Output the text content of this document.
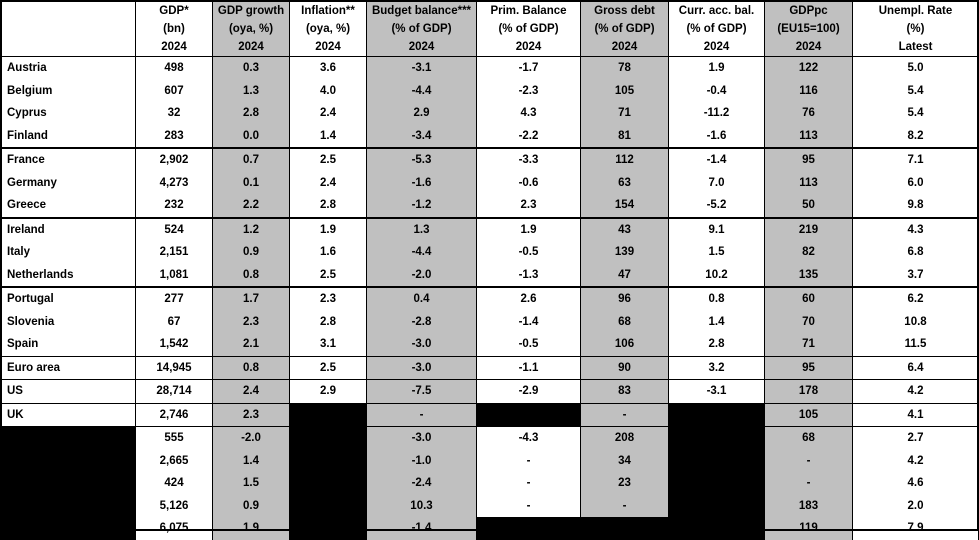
	GDP*	GDP growth	Inflation**	Budget balance***	Prim. Balance	Gross debt	Curr. acc. bal.	GDPpc	Unempl. Rate
	(bn)	(oya, %)	(oya, %)	(% of GDP)	(% of GDP)	(% of GDP)	(% of GDP)	(EU15=100)	(%)
	2024	2024	2024	2024	2024	2024	2024	2024	Latest
Austria	498	0.3	3.6	-3.1	-1.7	78	1.9	122	5.0
Belgium	607	1.3	4.0	-4.4	-2.3	105	-0.4	116	5.4
Cyprus	32	2.8	2.4	2.9	4.3	71	-11.2	76	5.4
Finland	283	0.0	1.4	-3.4	-2.2	81	-1.6	113	8.2
France	2,902	0.7	2.5	-5.3	-3.3	112	-1.4	95	7.1
Germany	4,273	0.1	2.4	-1.6	-0.6	63	7.0	113	6.0
Greece	232	2.2	2.8	-1.2	2.3	154	-5.2	50	9.8
Ireland	524	1.2	1.9	1.3	1.9	43	9.1	219	4.3
Italy	2,151	0.9	1.6	-4.4	-0.5	139	1.5	82	6.8
Netherlands	1,081	0.8	2.5	-2.0	-1.3	47	10.2	135	3.7
Portugal	277	1.7	2.3	0.4	2.6	96	0.8	60	6.2
Slovenia	67	2.3	2.8	-2.8	-1.4	68	1.4	70	10.8
Spain	1,542	2.1	3.1	-3.0	-0.5	106	2.8	71	11.5
Euro area	14,945	0.8	2.5	-3.0	-1.1	90	3.2	95	6.4
US	28,714	2.4	2.9	-7.5	-2.9	83	-3.1	178	4.2
UK	2,746	2.3		-		-		105	4.1
	555	-2.0		-3.0	-4.3	208		68	2.7
	2,665	1.4		-1.0	-	34		-	4.2
	424	1.5		-2.4	-	23		-	4.6
	5,126	0.9		10.3	-	-		183	2.0
	6,075	1.9		-1.4				119	7.9
